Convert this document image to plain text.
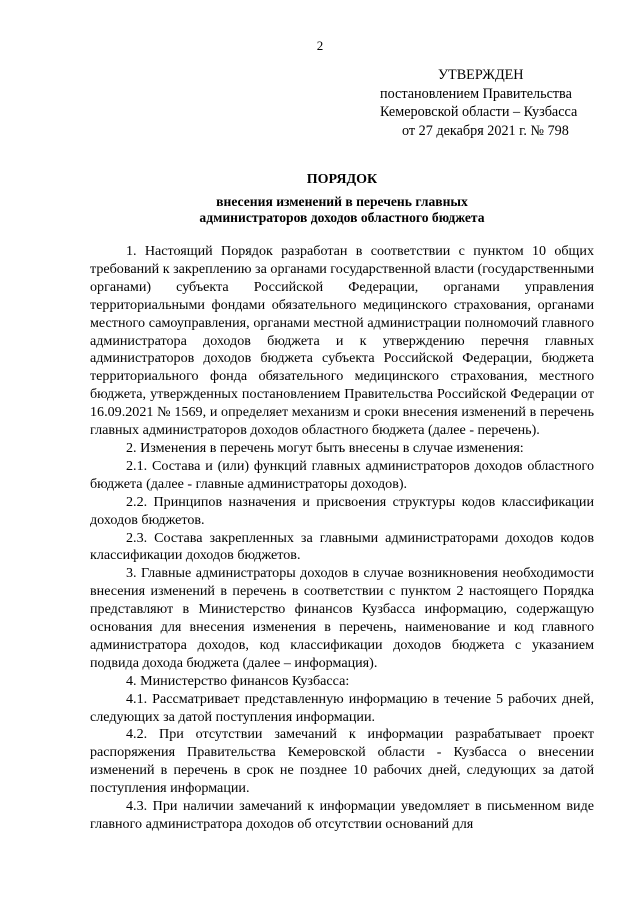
2
УТВЕРЖДЕН
постановлением Правительства
Кемеровской области – Кузбасса
от 27 декабря 2021 г. № 798
ПОРЯДОК
внесения изменений в перечень главных
администраторов доходов областного бюджета

1. Настоящий Порядок разработан в соответствии с пунктом 10 общих требований к закреплению за органами государственной власти (государственными органами) субъекта Российской Федерации, органами управления территориальными фондами обязательного медицинского страхования, органами местного самоуправления, органами местной администрации полномочий главного администратора доходов бюджета и к утверждению перечня главных администраторов доходов бюджета субъекта Российской Федерации, бюджета территориального фонда обязательного медицинского страхования, местного бюджета, утвержденных постановлением Правительства Российской Федерации от 16.09.2021 № 1569, и определяет механизм и сроки внесения изменений в перечень главных администраторов доходов областного бюджета (далее - перечень).

2. Изменения в перечень могут быть внесены в случае изменения:

2.1. Состава и (или) функций главных администраторов доходов областного бюджета (далее - главные администраторы доходов).

2.2. Принципов назначения и присвоения структуры кодов классификации доходов бюджетов.

2.3. Состава закрепленных за главными администраторами доходов кодов классификации доходов бюджетов.

3. Главные администраторы доходов в случае возникновения необходимости внесения изменений в перечень в соответствии с пунктом 2 настоящего Порядка представляют в Министерство финансов Кузбасса информацию, содержащую основания для внесения изменения в перечень, наименование и код главного администратора доходов, код классификации доходов бюджета с указанием подвида дохода бюджета (далее – информация).

4. Министерство финансов Кузбасса:

4.1. Рассматривает представленную информацию в течение 5 рабочих дней, следующих за датой поступления информации.

4.2. При отсутствии замечаний к информации разрабатывает проект распоряжения Правительства Кемеровской области - Кузбасса о внесении изменений в перечень в срок не позднее 10 рабочих дней, следующих за датой поступления информации.

4.3. При наличии замечаний к информации уведомляет в письменном виде главного администратора доходов об отсутствии оснований для
